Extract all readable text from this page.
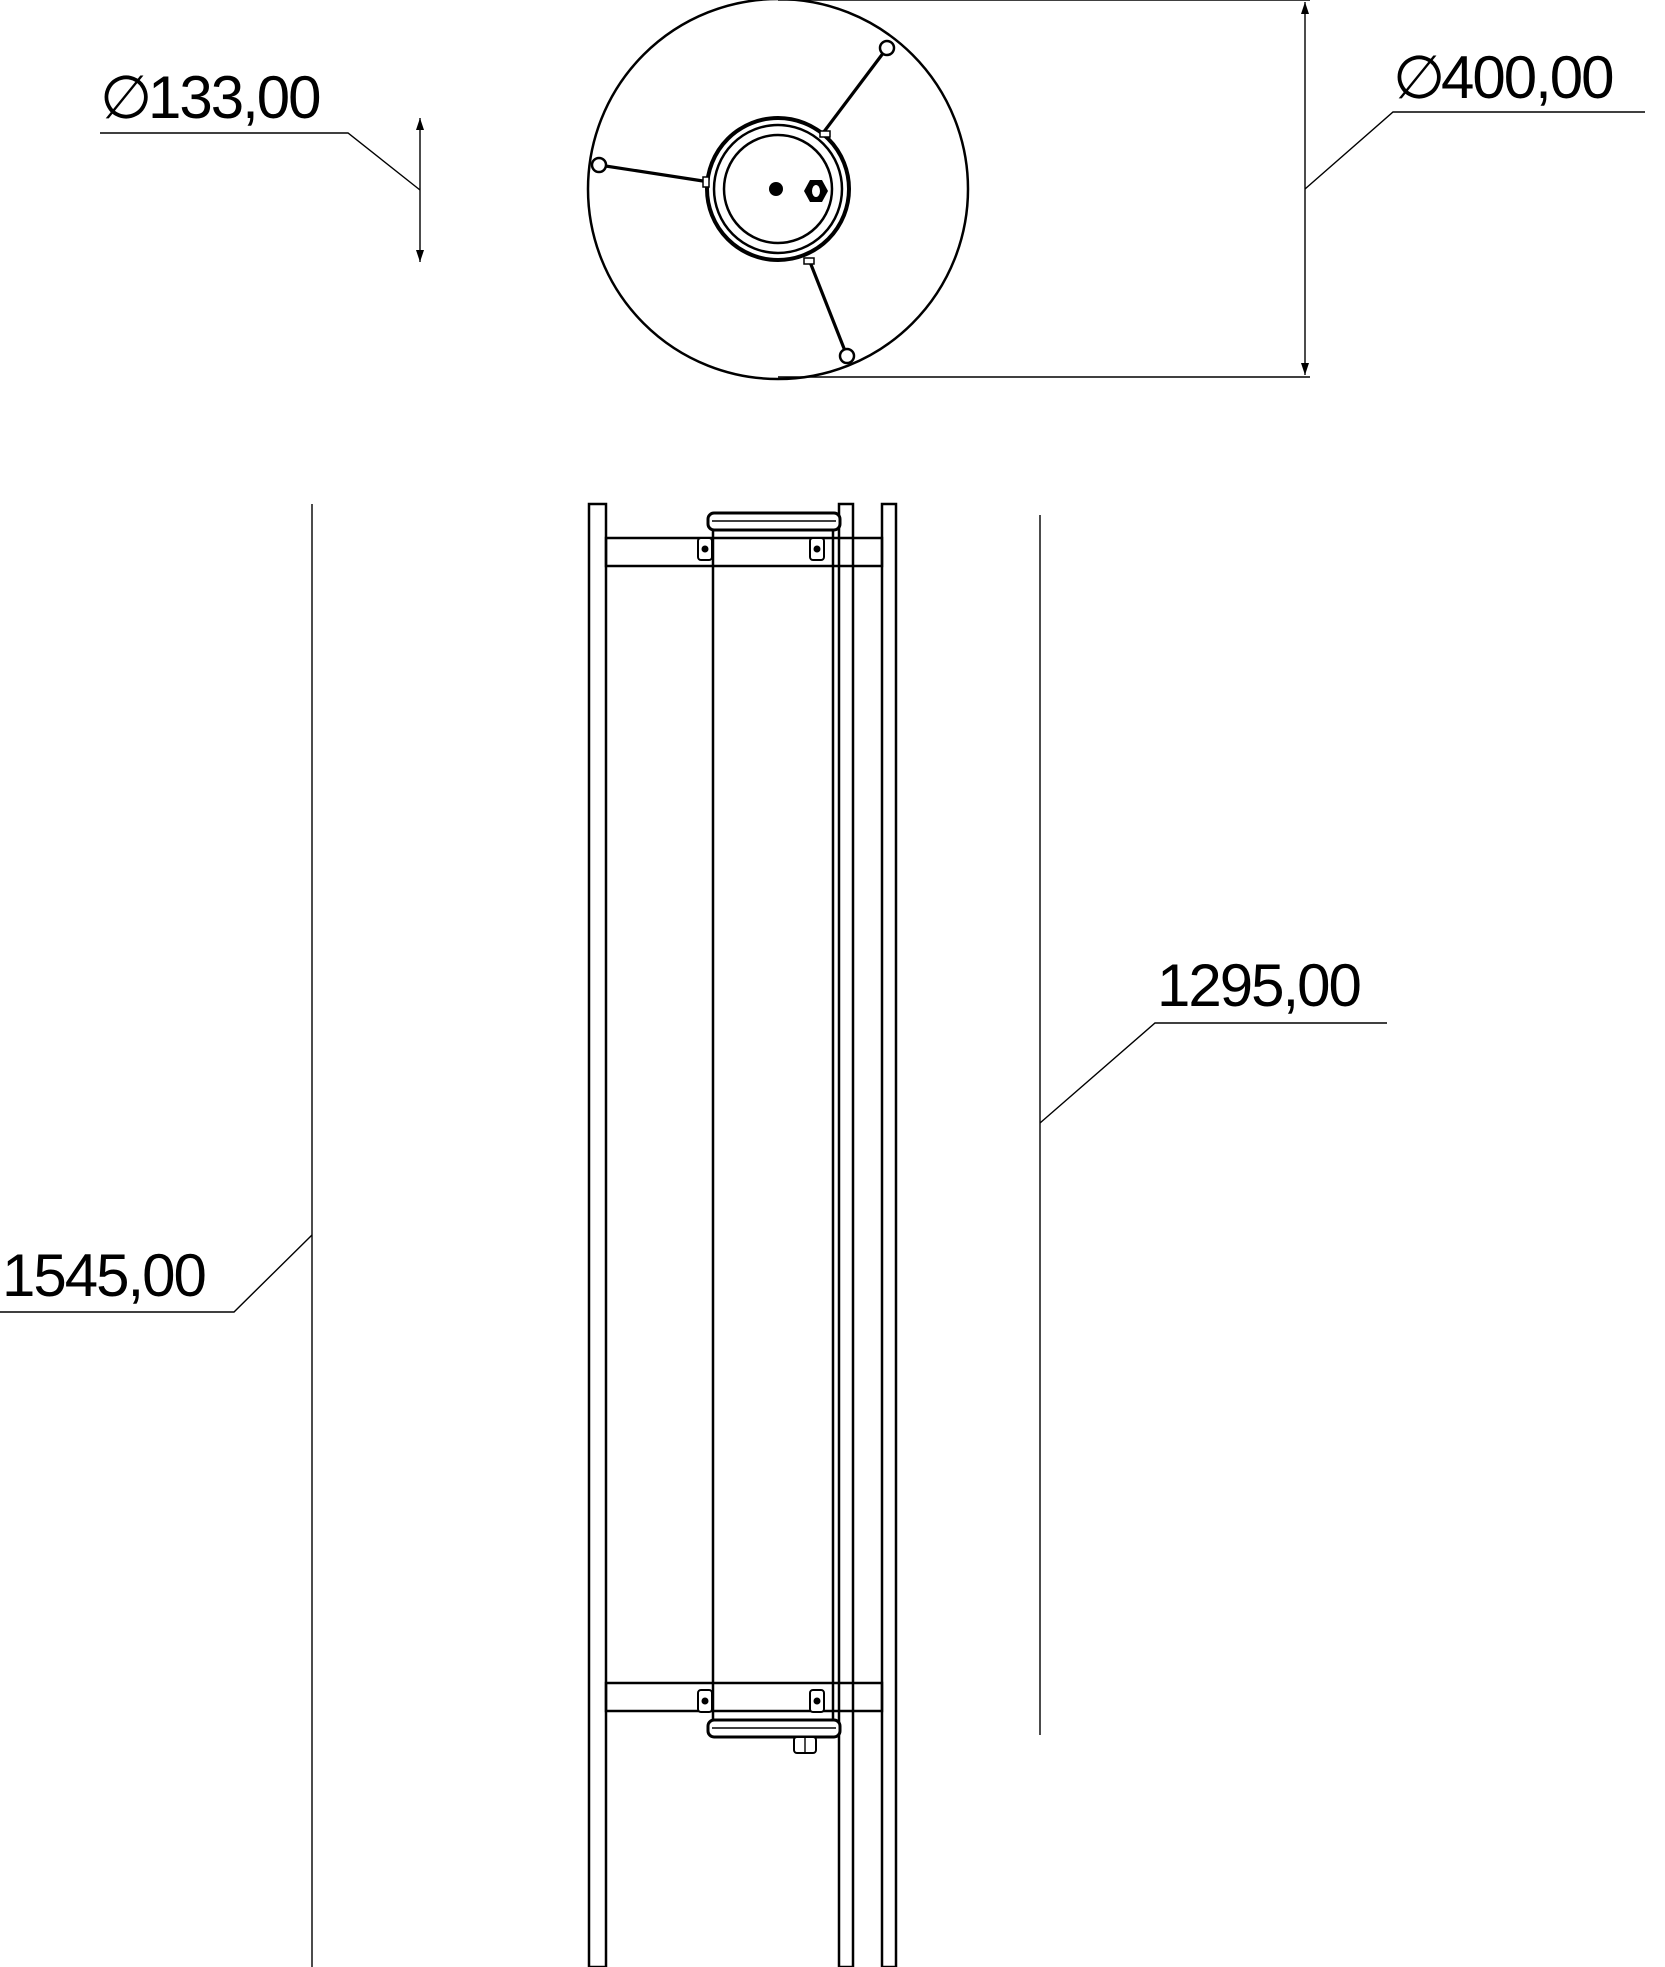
∅
133,00	∅
400,00
1295,00
1545,00
